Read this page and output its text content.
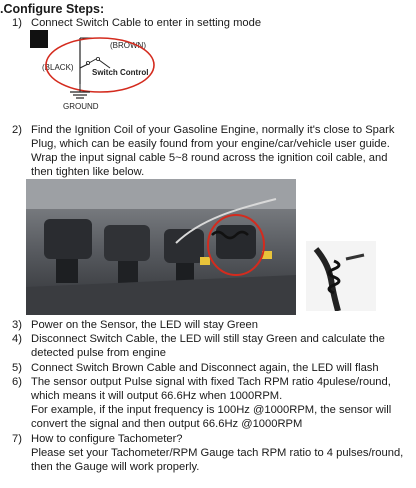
.Configure Steps:
1) Connect Switch Cable to enter in setting mode
(BROWN)
(BLACK)
Switch Control
GROUND
2) Find the Ignition Coil of your Gasoline Engine, normally it's close to Spark
Plug, which can be easily found from your engine/car/vehicle user guide.
Wrap the input signal cable 5~8 round across the ignition coil cable, and
then tighten like below.
3) Power on the Sensor, the LED will stay Green
4) Disconnect Switch Cable, the LED will still stay Green and calculate the
detected pulse from engine
5) Connect Switch Brown Cable and Disconnect again, the LED will flash
6) The sensor output Pulse signal with fixed Tach RPM ratio 4pulese/round,
which means it will output 66.6Hz when 1000RPM.
For example, if the input frequency is 100Hz @1000RPM, the sensor will
convert the signal and then output 66.6Hz @1000RPM
7) How to configure Tachometer?
Please set your Tachometer/RPM Gauge tach RPM ratio to 4 pulses/round,
then the Gauge will work properly.
